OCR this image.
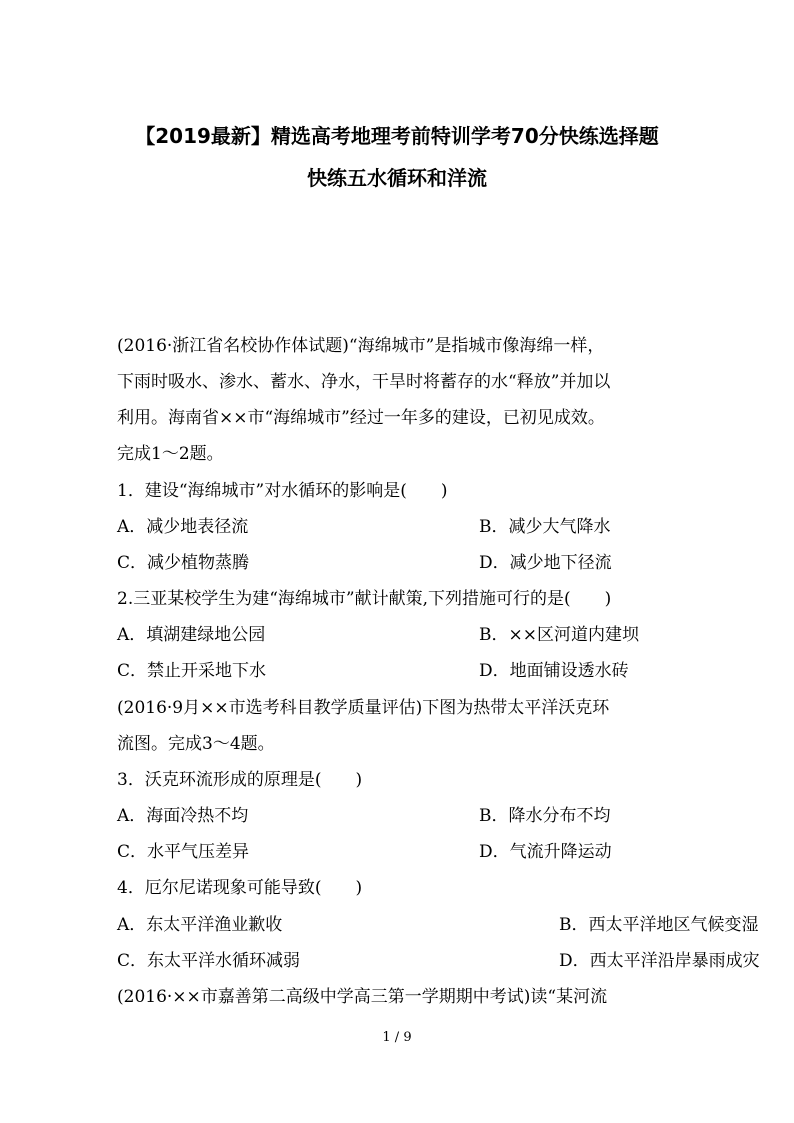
【2019最新】精选高考地理考前特训学考70分快练选择题
快练五水循环和洋流
(2016·浙江省名校协作体试题)“海绵城市”是指城市像海绵一样，
下雨时吸水、渗水、蓄水、净水，干旱时将蓄存的水“释放”并加以
利用。海南省××市“海绵城市”经过一年多的建设，已初见成效。
完成1～2题。
1．建设“海绵城市”对水循环的影响是(　　)
A．减少地表径流	B．减少大气降水
C．减少植物蒸腾	D．减少地下径流
2.三亚某校学生为建“海绵城市”献计献策,下列措施可行的是(　　)
A．填湖建绿地公园	B．××区河道内建坝
C．禁止开采地下水	D．地面铺设透水砖
(2016·9月××市选考科目教学质量评估)下图为热带太平洋沃克环
流图。完成3～4题。
3．沃克环流形成的原理是(　　)
A．海面冷热不均	B．降水分布不均
C．水平气压差异	D．气流升降运动
4．厄尔尼诺现象可能导致(　　)
A．东太平洋渔业歉收	B．西太平洋地区气候变湿
C．东太平洋水循环减弱	D．西太平洋沿岸暴雨成灾
(2016·××市嘉善第二高级中学高三第一学期期中考试)读“某河流
1 / 9
